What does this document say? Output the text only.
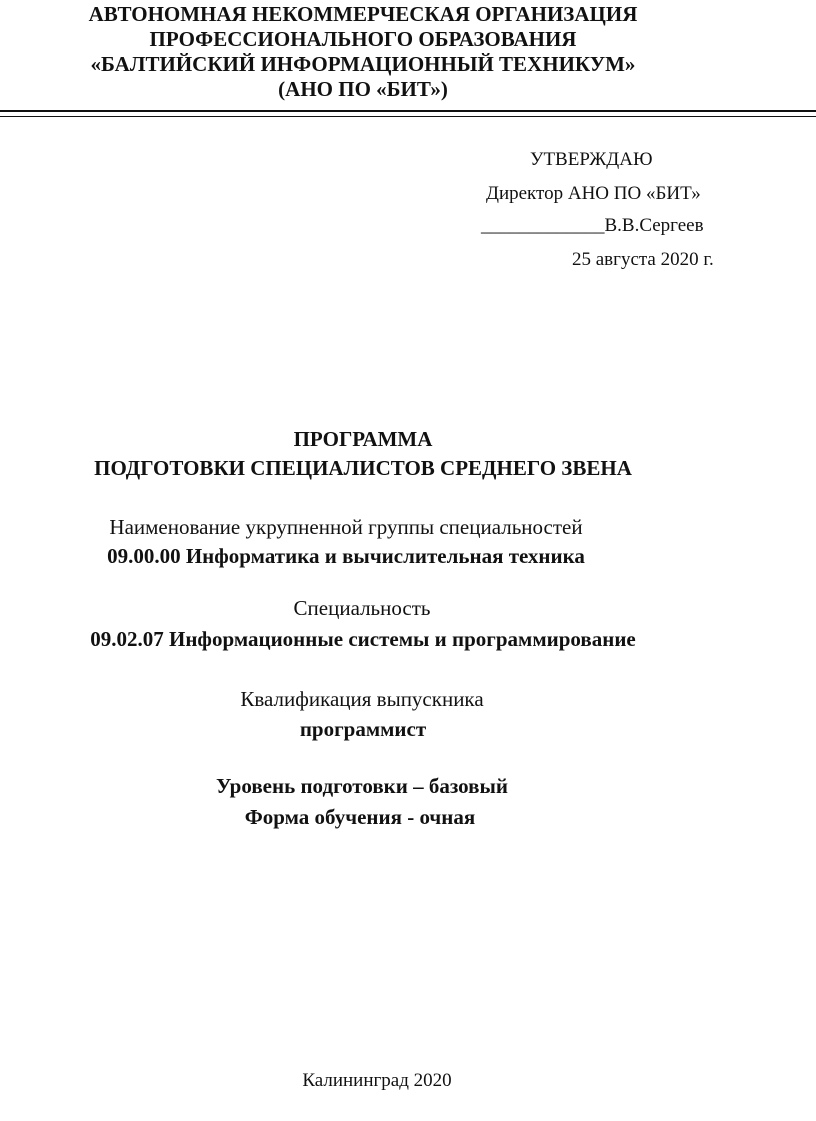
АВТОНОМНАЯ НЕКОММЕРЧЕСКАЯ ОРГАНИЗАЦИЯ
ПРОФЕССИОНАЛЬНОГО ОБРАЗОВАНИЯ
«БАЛТИЙСКИЙ ИНФОРМАЦИОННЫЙ ТЕХНИКУМ»
(АНО ПО «БИТ»)
УТВЕРЖДАЮ
Директор АНО ПО «БИТ»
_____________В.В.Сергеев
25 августа 2020 г.
ПРОГРАММА
ПОДГОТОВКИ СПЕЦИАЛИСТОВ СРЕДНЕГО ЗВЕНА
Наименование укрупненной группы специальностей
09.00.00 Информатика и вычислительная техника
Специальность
09.02.07 Информационные системы и программирование
Квалификация выпускника
программист
Уровень подготовки – базовый
Форма обучения - очная
Калининград 2020
